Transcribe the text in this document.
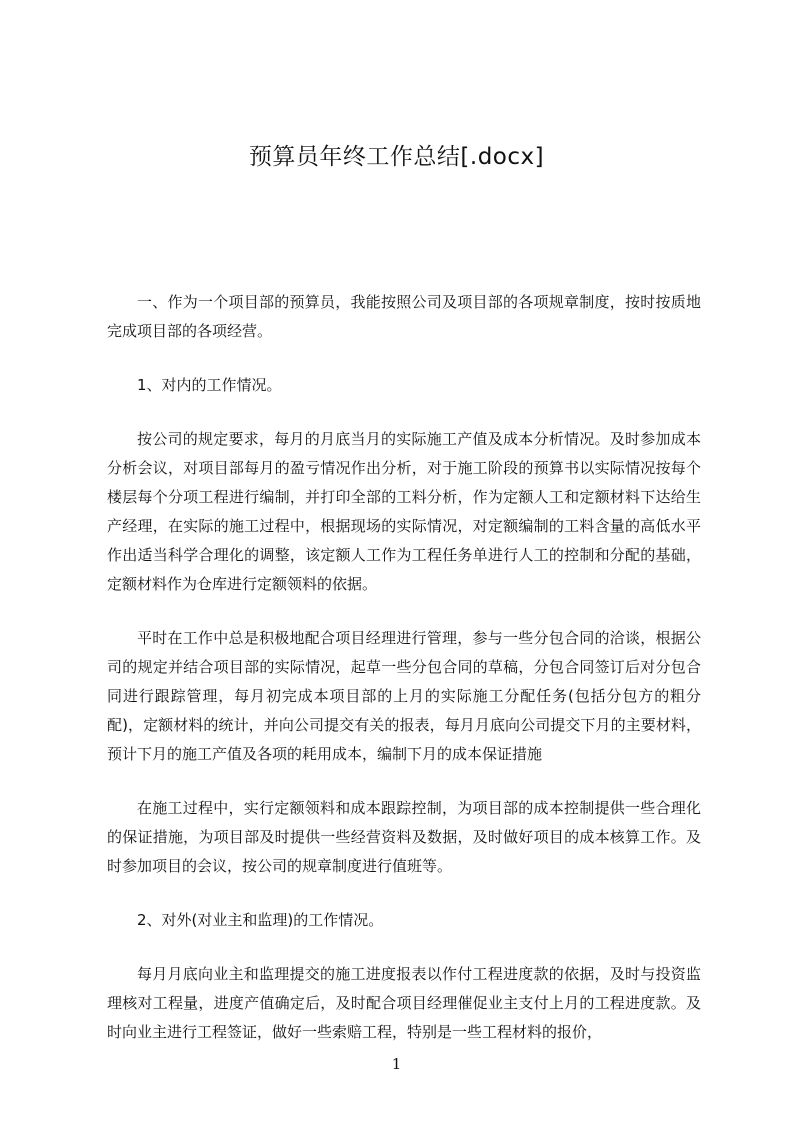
预算员年终工作总结[.docx]

一、作为一个项目部的预算员，我能按照公司及项目部的各项规章制度，按时按质地完成项目部的各项经营。

1、对内的工作情况。

按公司的规定要求，每月的月底当月的实际施工产值及成本分析情况。及时参加成本分析会议，对项目部每月的盈亏情况作出分析，对于施工阶段的预算书以实际情况按每个楼层每个分项工程进行编制，并打印全部的工料分析，作为定额人工和定额材料下达给生产经理，在实际的施工过程中，根据现场的实际情况，对定额编制的工料含量的高低水平作出适当科学合理化的调整，该定额人工作为工程任务单进行人工的控制和分配的基础，定额材料作为仓库进行定额领料的依据。

平时在工作中总是积极地配合项目经理进行管理，参与一些分包合同的洽谈，根据公司的规定并结合项目部的实际情况，起草一些分包合同的草稿，分包合同签订后对分包合同进行跟踪管理，每月初完成本项目部的上月的实际施工分配任务(包括分包方的粗分配)，定额材料的统计，并向公司提交有关的报表，每月月底向公司提交下月的主要材料，预计下月的施工产值及各项的耗用成本，编制下月的成本保证措施

在施工过程中，实行定额领料和成本跟踪控制，为项目部的成本控制提供一些合理化的保证措施，为项目部及时提供一些经营资料及数据，及时做好项目的成本核算工作。及时参加项目的会议，按公司的规章制度进行值班等。

2、对外(对业主和监理)的工作情况。

每月月底向业主和监理提交的施工进度报表以作付工程进度款的依据，及时与投资监理核对工程量，进度产值确定后，及时配合项目经理催促业主支付上月的工程进度款。及时向业主进行工程签证，做好一些索赔工程，特别是一些工程材料的报价，

1
